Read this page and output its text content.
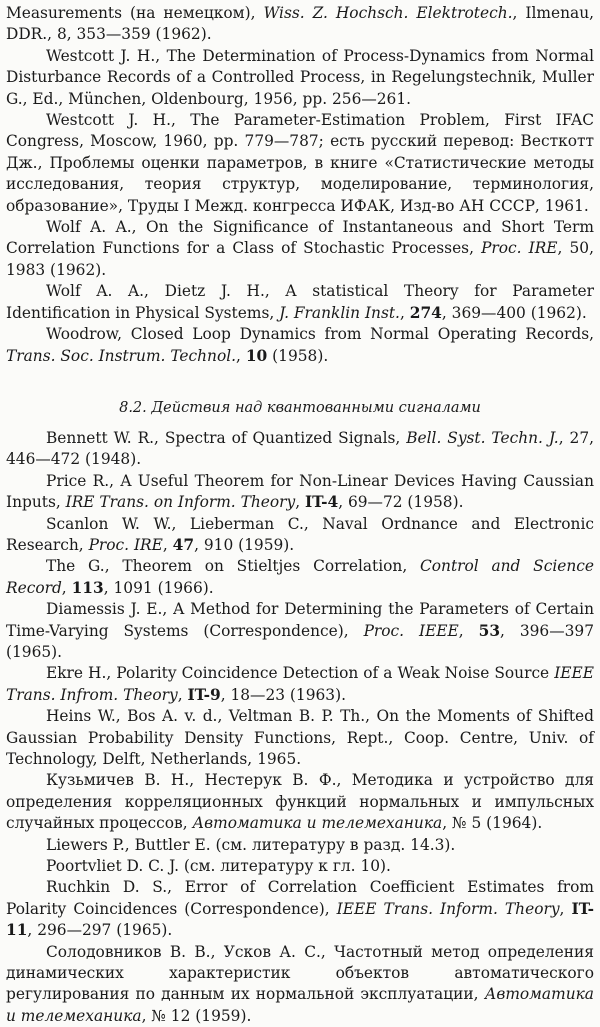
Measurements (на немецком), Wiss. Z. Hochsch. Elektrotech., Ilmenau, DDR., 8, 353—359 (1962).

Westcott J. H., The Determination of Process-Dynamics from Normal Disturbance Records of a Controlled Process, in Regelungstechnik, Muller G., Ed., München, Oldenbourg, 1956, pp. 256—261.

Westcott J. H., The Parameter-Estimation Problem, First IFAC Congress, Moscow, 1960, pp. 779—787; есть русский перевод: Весткотт Дж., Проблемы оценки параметров, в книге «Статистические методы исследования, теория структур, моделирование, терминология, образование», Труды I Межд. конгресса ИФАК, Изд-во АН СССР, 1961.

Wolf A. A., On the Significance of Instantaneous and Short Term Correlation Functions for a Class of Stochastic Processes, Proc. IRE, 50, 1983 (1962).

Wolf A. A., Dietz J. H., A statistical Theory for Parameter Identification in Physical Systems, J. Franklin Inst., 274, 369—400 (1962).

Woodrow, Closed Loop Dynamics from Normal Operating Records, Trans. Soc. Instrum. Technol., 10 (1958).

8.2. Действия над квантованными сигналами

Bennett W. R., Spectra of Quantized Signals, Bell. Syst. Techn. J., 27, 446—472 (1948).

Price R., A Useful Theorem for Non-Linear Devices Having Caussian Inputs, IRE Trans. on Inform. Theory, IT-4, 69—72 (1958).

Scanlon W. W., Lieberman C., Naval Ordnance and Electronic Research, Proc. IRE, 47, 910 (1959).

The G., Theorem on Stieltjes Correlation, Control and Science Record, 113, 1091 (1966).

Diamessis J. E., A Method for Determining the Parameters of Certain Time-Varying Systems (Correspondence), Proc. IEEE, 53, 396—397 (1965).

Ekre H., Polarity Coincidence Detection of a Weak Noise Source IEEE Trans. Infrom. Theory, IT-9, 18—23 (1963).

Heins W., Bos A. v. d., Veltman B. P. Th., On the Moments of Shifted Gaussian Probability Density Functions, Rept., Coop. Centre, Univ. of Technology, Delft, Netherlands, 1965.

Кузьмичев В. Н., Нестерук В. Ф., Методика и устройство для определения корреляционных функций нормальных и импульсных случайных процессов, Автоматика и телемеханика, № 5 (1964).

Liewers P., Buttler E. (см. литературу в разд. 14.3).

Poortvliet D. C. J. (см. литературу к гл. 10).

Ruchkin D. S., Error of Correlation Coefficient Estimates from Polarity Coincidences (Correspondence), IEEE Trans. Inform. Theory, IT-11, 296—297 (1965).

Солодовников В. В., Усков А. С., Частотный метод определения динамических характеристик объектов автоматического регулирования по данным их нормальной эксплуатации, Автоматика и телемеханика, № 12 (1959).
